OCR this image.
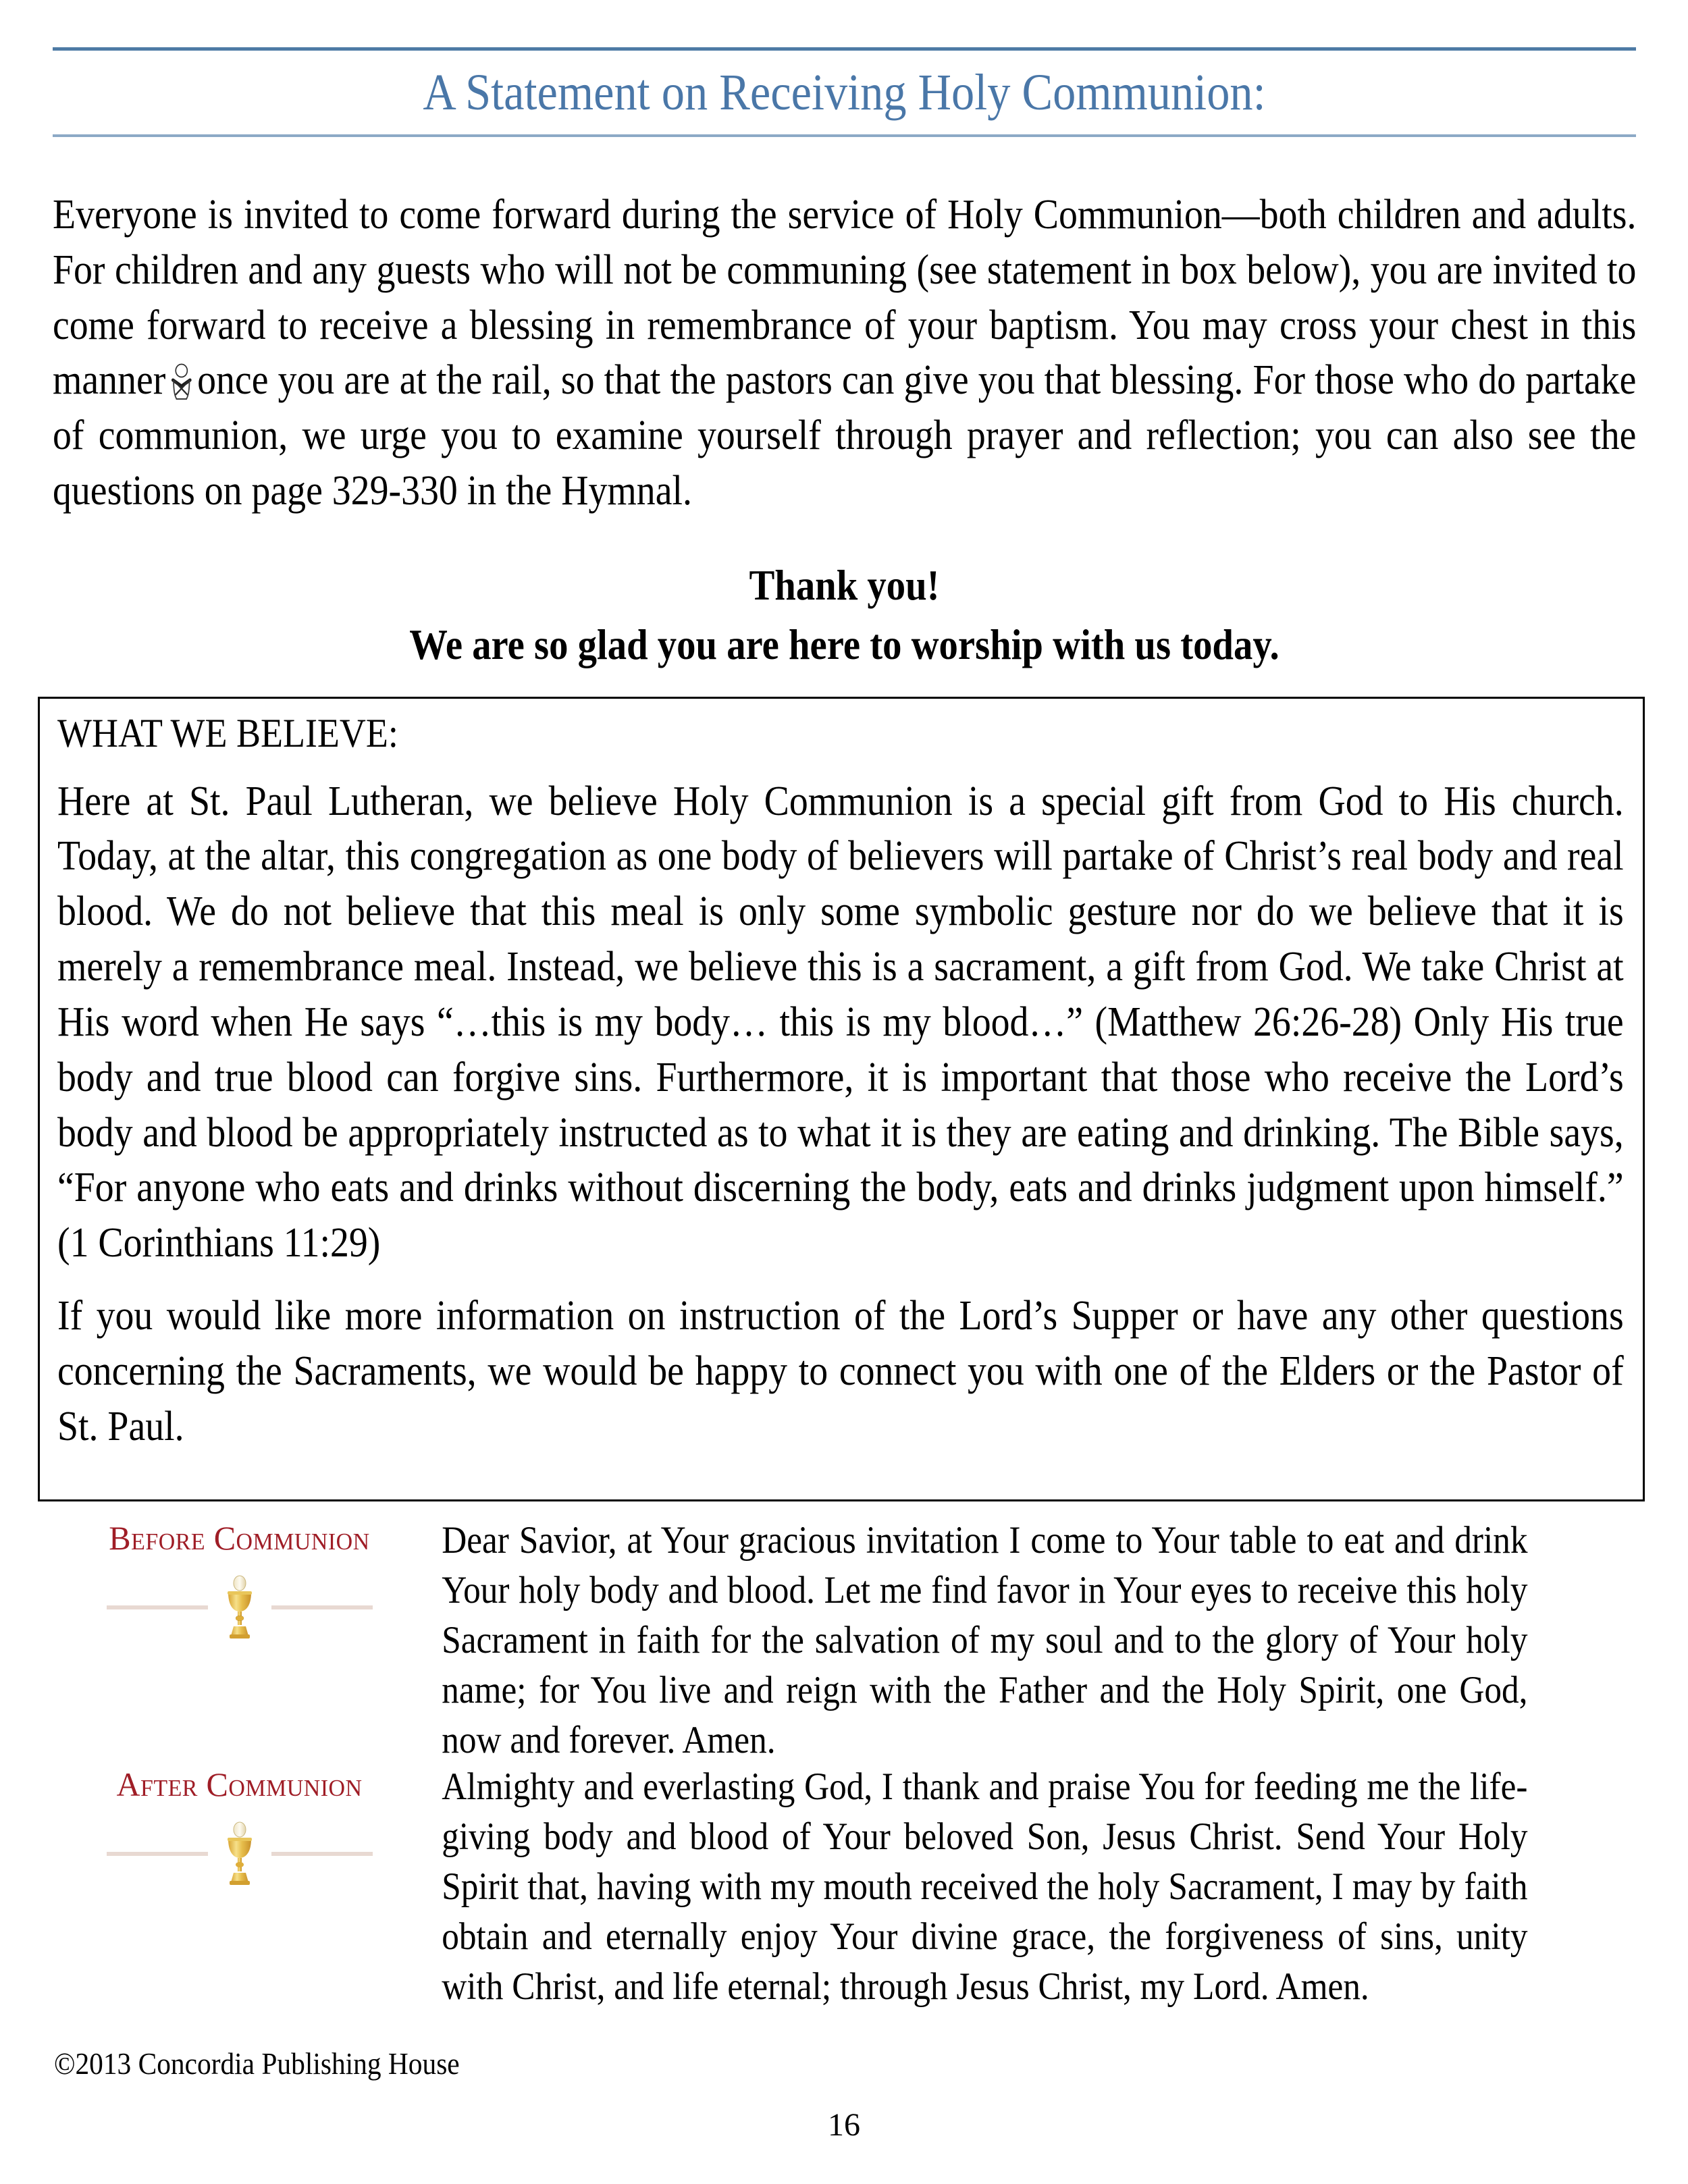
A Statement on Receiving Holy Communion:
Everyone is invited to come forward during the service of Holy Communion—both children and adults. For children and any guests who will not be communing (see statement in box below), you are invited to come forward to receive a blessing in remembrance of your baptism. You may cross your chest in this manner once you are at the rail, so that the pastors can give you that blessing. For those who do partake of communion, we urge you to examine yourself through prayer and reflection; you can also see the questions on page 329-330 in the Hymnal.
Thank you!
We are so glad you are here to worship with us today.
WHAT WE BELIEVE:

Here at St. Paul Lutheran, we believe Holy Communion is a special gift from God to His church. Today, at the altar, this congregation as one body of believers will partake of Christ’s real body and real blood. We do not believe that this meal is only some symbolic gesture nor do we believe that it is merely a remembrance meal. Instead, we believe this is a sacrament, a gift from God. We take Christ at His word when He says “…this is my body… this is my blood…” (Matthew 26:26-28) Only His true body and true blood can forgive sins. Furthermore, it is important that those who receive the Lord’s body and blood be appropriately instructed as to what it is they are eating and drinking. The Bible says, “For anyone who eats and drinks without discerning the body, eats and drinks judgment upon himself.” (1 Corinthians 11:29)

If you would like more information on instruction of the Lord’s Supper or have any other questions concerning the Sacraments, we would be happy to connect you with one of the Elders or the Pastor of St. Paul.

Before Communion	Dear Savior, at Your gracious invitation I come to Your table to eat and drink Your holy body and blood. Let me find favor in Your eyes to receive this holy Sacrament in faith for the salvation of my soul and to the glory of Your holy name; for You live and reign with the Father and the Holy Spirit, one God, now and forever. Amen.
After Communion	Almighty and everlasting God, I thank and praise You for feeding me the life-giving body and blood of Your beloved Son, Jesus Christ. Send Your Holy Spirit that, having with my mouth received the holy Sacrament, I may by faith obtain and eternally enjoy Your divine grace, the forgiveness of sins, unity with Christ, and life eternal; through Jesus Christ, my Lord. Amen.
©2013 Concordia Publishing House
16
